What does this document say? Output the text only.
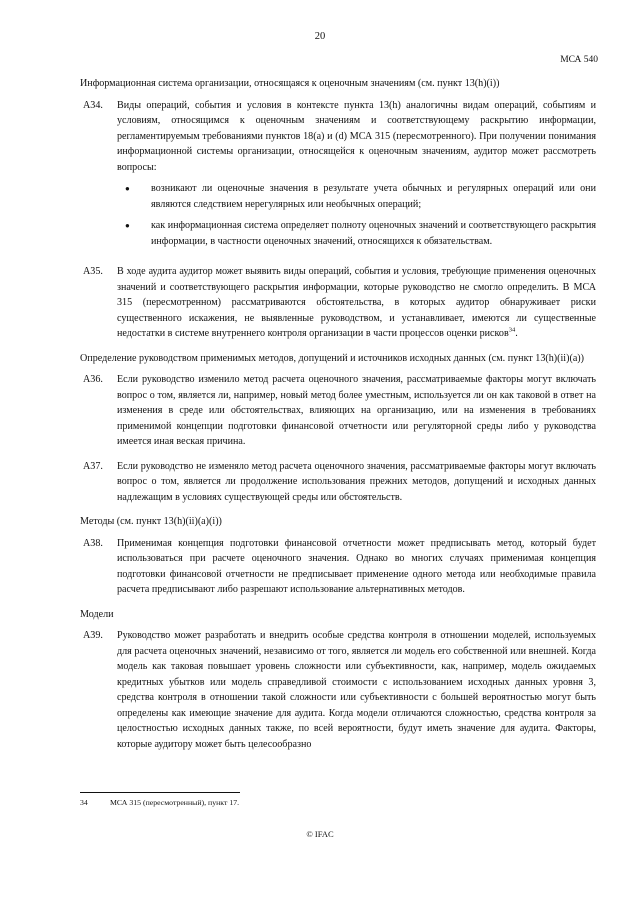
20
МСА 540
Информационная система организации, относящаяся к оценочным значениям (см. пункт 13(h)(i))
A34.	Виды операций, события и условия в контексте пункта 13(h) аналогичны видам операций, событиям и условиям, относящимся к оценочным значениям и соответствующему раскрытию информации, регламентируемым требованиями пунктов 18(a) и (d) МСА 315 (пересмотренного). При получении понимания информационной системы организации, относящейся к оценочным значениям, аудитор может рассмотреть вопросы:
●	возникают ли оценочные значения в результате учета обычных и регулярных операций или они являются следствием нерегулярных или необычных операций;
●	как информационная система определяет полноту оценочных значений и соответствующего раскрытия информации, в частности оценочных значений, относящихся к обязательствам.
A35.	В ходе аудита аудитор может выявить виды операций, события и условия, требующие применения оценочных значений и соответствующего раскрытия информации, которые руководство не смогло определить. В МСА 315 (пересмотренном) рассматриваются обстоятельства, в которых аудитор обнаруживает риски существенного искажения, не выявленные руководством, и устанавливает, имеются ли существенные недостатки в системе внутреннего контроля организации в части процессов оценки рисков$^{34}$.
Определение руководством применимых методов, допущений и источников исходных данных (см. пункт 13(h)(ii)(a))
A36.	Если руководство изменило метод расчета оценочного значения, рассматриваемые факторы могут включать вопрос о том, является ли, например, новый метод более уместным, используется ли он как таковой в ответ на изменения в среде или обстоятельствах, влияющих на организацию, или на изменения в требованиях применимой концепции подготовки финансовой отчетности или регуляторной среды либо у руководства имеется иная веская причина.
A37.	Если руководство не изменяло метод расчета оценочного значения, рассматриваемые факторы могут включать вопрос о том, является ли продолжение использования прежних методов, допущений и исходных данных надлежащим в условиях существующей среды или обстоятельств.
Методы (см. пункт 13(h)(ii)(a)(i))
A38.	Применимая концепция подготовки финансовой отчетности может предписывать метод, который будет использоваться при расчете оценочного значения. Однако во многих случаях применимая концепция подготовки финансовой отчетности не предписывает применение одного метода или необходимые правила расчета предписывают либо разрешают использование альтернативных методов.
Модели
A39.	Руководство может разработать и внедрить особые средства контроля в отношении моделей, используемых для расчета оценочных значений, независимо от того, является ли модель его собственной или внешней. Когда модель как таковая повышает уровень сложности или субъективности, как, например, модель ожидаемых кредитных убытков или модель справедливой стоимости с использованием исходных данных уровня 3, средства контроля в отношении такой сложности или субъективности с большей вероятностью могут быть определены как имеющие значение для аудита. Когда модели отличаются сложностью, средства контроля за целостностью исходных данных также, по всей вероятности, будут иметь значение для аудита. Факторы, которые аудитору может быть целесообразно
34	МСА 315 (пересмотренный), пункт 17.
© IFAC
